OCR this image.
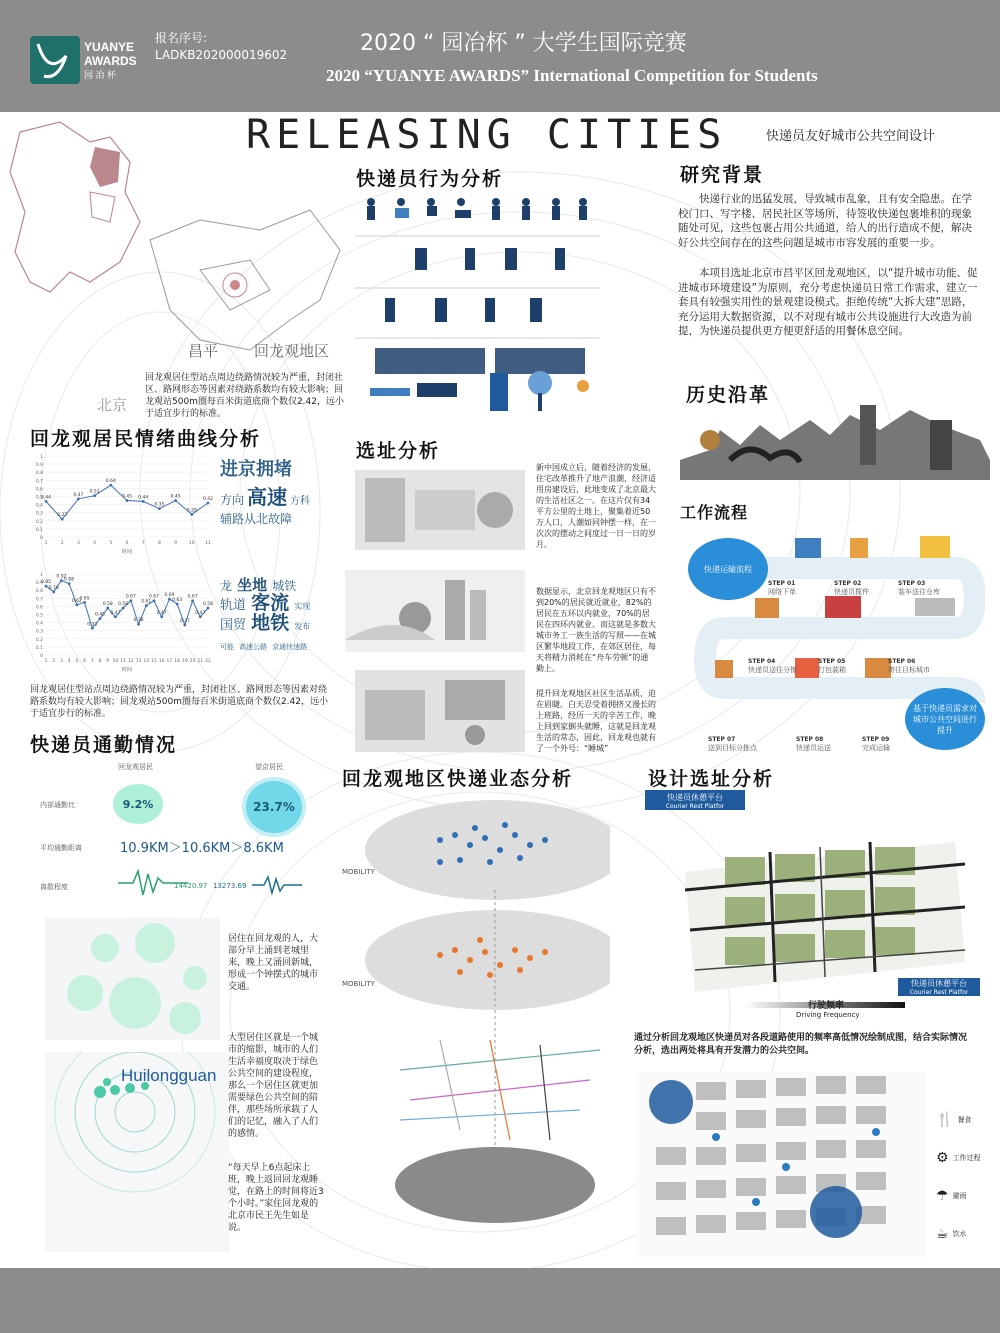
YUANYE
AWARDS
园 冶 杯
报名序号:
LADKB202000019602	2020 “ 园冶杯 ” 大学生国际竞赛
2020 “YUANYE AWARDS” International Competition for Students
RELEASING CITIES	快递员友好城市公共空间设计
昌平 回龙观地区
北京
回龙观居住型站点周边绕路情况较为严重，封闭社区、路网形态等因素对绕路系数均有较大影响；回龙观站500m圈每百米街道底商个数仅2.42，远小于适宜步行的标准。
回龙观居民情绪曲线分析
0
0.1
0.2
0.3
0.4
0.5
0.6
0.7
0.8
0.9
1
1	2	3	4	5	6	7	8	9	10 11
0.44
0.22
0.47
0.51
0.64
0.45 0.44
0.35
0.45
0.28
0.42
时间
进京拥堵
方向 高速 方科
辅路从北故障
0
0.1
0.2
0.3
0.4
0.5
0.6
0.7
0.8
0.9
1
1 2 3 4 5 6 7 8 9 10 11 12 13 14 15 16 17 18 19 20 21 22
0.85
0.78
0.92
0.88
0.62
0.65
0.33
0.45
0.58
0.47
0.58
0.67
0.38
0.61
0.67
0.47
0.69
0.63
0.37
0.67
0.47
0.58
时间
龙 坐地 城铁
轨道 客流 实现
国贸 地铁 发布
可能 高速公路 京通快速路
回龙观居住型站点周边绕路情况较为严重，封闭社区、路网形态等因素对绕路系数均有较大影响；回龙观站500m圈每百米街道底商个数仅2.42，远小于适宜步行的标准。
快递员通勤情况
回龙观居民	望京居民
内部通勤比	9.2%	23.7%
平均通勤距离	10.9KM＞10.6KM＞8.6KM
离散程度	14420.97 13273.69
居住在回龙观的人，大部分早上涌到老城里来，晚上又涌回新城，形成一个钟摆式的城市交通。
Huilongguan
大型居住区就是一个城市的缩影，城市的人们生活幸福度取决于绿色公共空间的建设程度，那么一个居住区就更加需要绿色公共空间的陪伴，那些场所承载了人们的记忆，融入了人们的感情。
“每天早上6点起床上班，晚上返回回龙观睡觉，在路上的时间将近3个小时。”家住回龙观的北京市民王先生如是说。
快递员行为分析
选址分析
新中国成立后，随着经济的发展，住宅改革推升了地产浪潮，经济适用房建设后，此地变成了北京最大的生活社区之一。在这片仅有34平方公里的土地上，聚集着近50万人口，人潮如同钟摆一样，在一次次的摆动之间度过一日一日的岁月。
数据显示，北京回龙观地区只有不到20%的居民就近就业，82%的居民在五环以内就业，70%的居民在四环内就业。而这就是多数大城市务工一族生活的写照——在城区繁华地段工作，在郊区居住，每天将精力消耗在“舟车劳顿”的通勤上。
提升回龙观地区社区生活品质，迫在眉睫。白天忍受着拥挤又漫长的上班路，经历一天的辛苦工作，晚上回到家倒头就睡，这就是回龙观生活的常态，因此，回龙观也就有了一个外号：“睡城”
回龙观地区快递业态分析
MOBILITY
MOBILITY
研究背景
快递行业的迅猛发展，导致城市乱象，且有安全隐患。在学校门口、写字楼、居民社区等场所，待签收快递包裹堆积的现象随处可见，这些包裹占用公共通道，给人的出行造成不便，解决好公共空间存在的这些问题是城市市容发展的重要一步。
本项目选址北京市昌平区回龙观地区，以“提升城市功能、促进城市环境建设”为原则，充分考虑快递员日常工作需求，建立一套具有较强实用性的景观建设模式。拒绝传统“大拆大建”思路，充分运用大数据资源，以不对现有城市公共设施进行大改造为前提，为快递员提供更方便更舒适的用餐休息空间。
历史沿革
工作流程
快递运输流程
基于快递员需求对城市公共空间进行提升
STEP 01
网络下单
STEP 02
快递员揽件
STEP 03
装车送往仓库
STEP 04
快递员送往分拣
STEP 05
打包装箱
STEP 06
寄往目标城市
STEP 07
送到目标分拣点
STEP 08
快递员运送
STEP 09
完成运输
设计选址分析
快递员休憩平台
Courier Rest Platfor
快递员休憩平台
Courier Rest Platfor
行驶频率
Driving Frequency
通过分析回龙观地区快递员对各段道路使用的频率高低情况绘制成图，结合实际情况分析，选出两处将具有开发潜力的公共空间。
🍴 餐食
⚙ 工作过程
☂ 避雨
☕ 饮水
